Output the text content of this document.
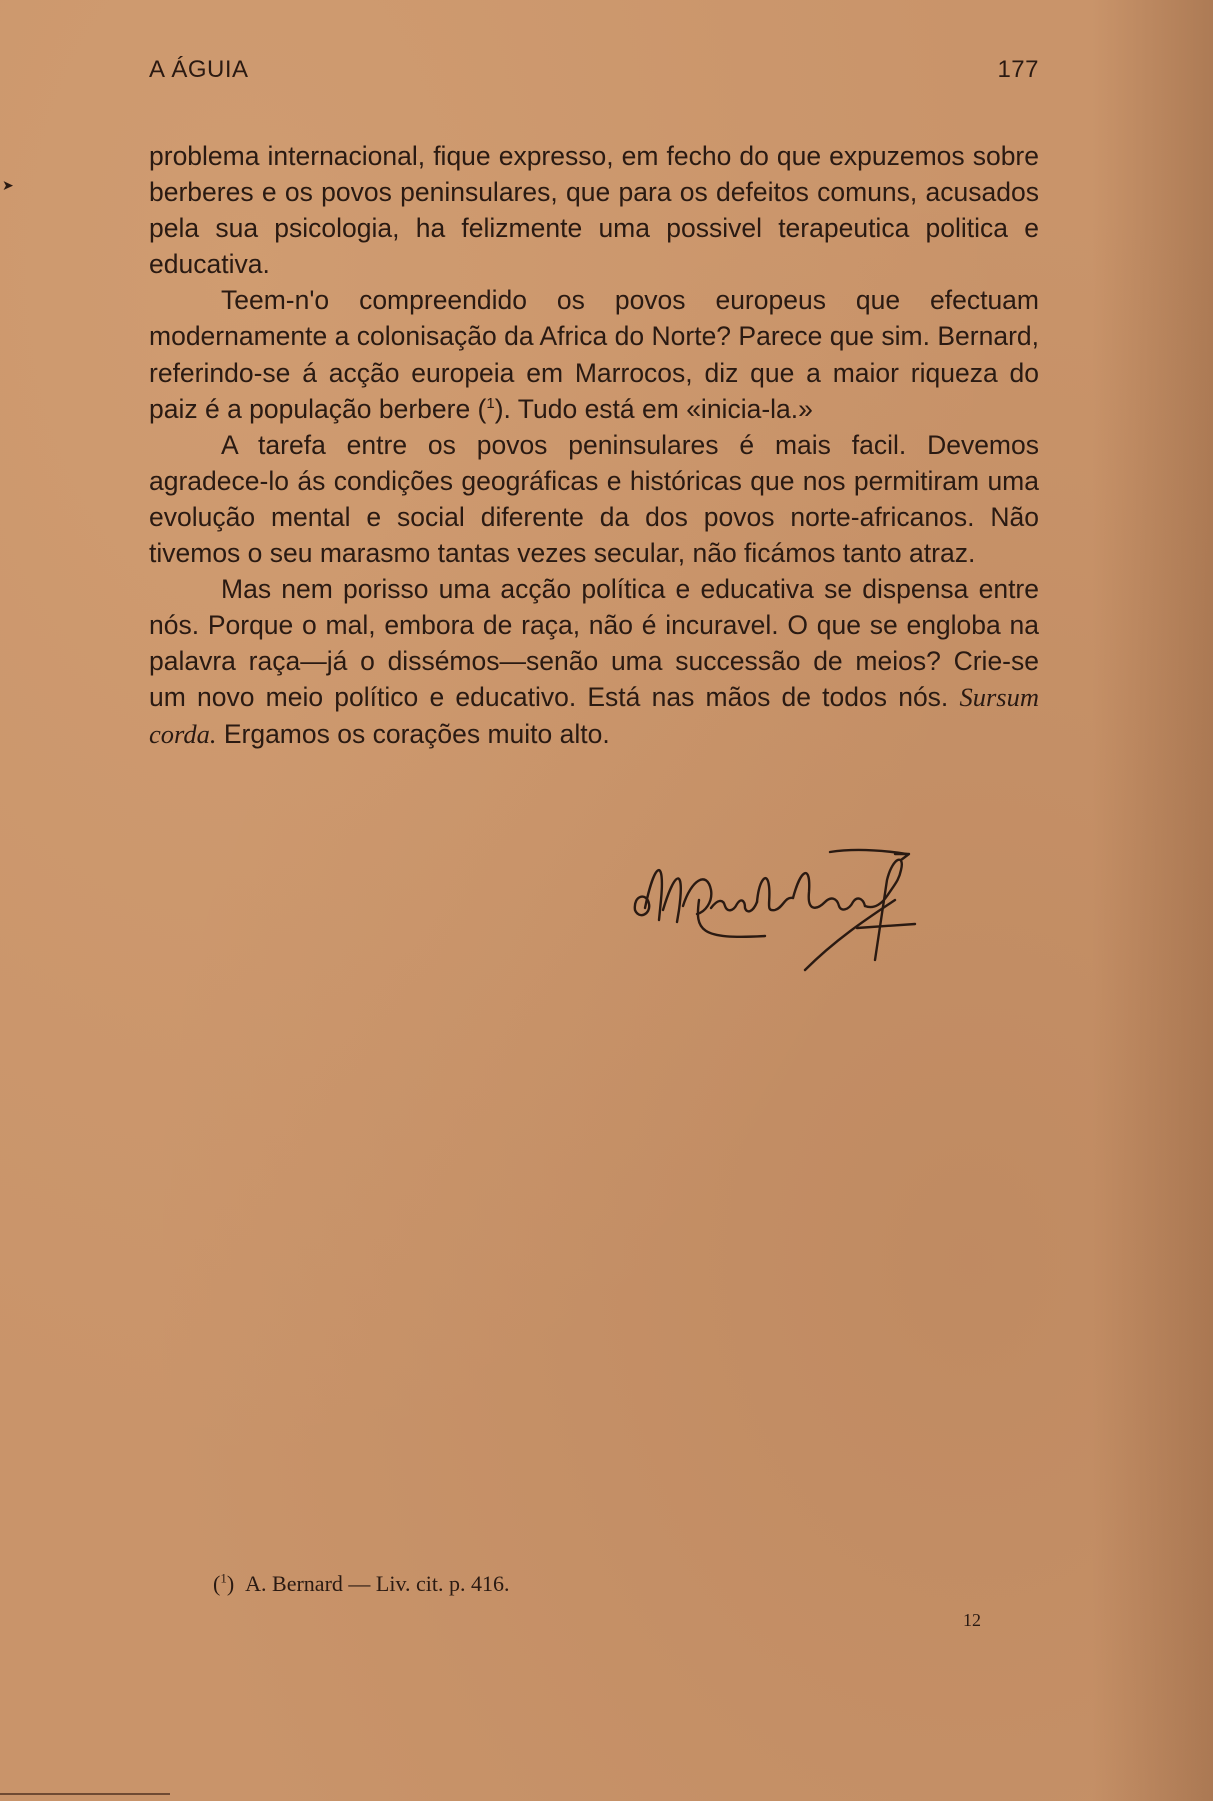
➤
A ÁGUIA	177

problema internacional, fique expresso, em fecho do que expuzemos sobre berberes e os povos peninsulares, que para os defeitos comuns, acusados pela sua psicologia, ha felizmente uma possivel terapeutica politica e educativa.

Teem-n'o compreendido os povos europeus que efectuam modernamente a colonisação da Africa do Norte? Parece que sim. Bernard, referindo-se á acção europeia em Marrocos, diz que a maior riqueza do paiz é a população berbere ($^1$). Tudo está em «inicia-la.»

A tarefa entre os povos peninsulares é mais facil. Devemos agradece-lo ás condições geográficas e históricas que nos permitiram uma evolução mental e social diferente da dos povos norte-africanos. Não tivemos o seu marasmo tantas vezes secular, não ficámos tanto atraz.

Mas nem porisso uma acção política e educativa se dispensa entre nós. Porque o mal, embora de raça, não é incuravel. O que se engloba na palavra raça—já o dissémos—senão uma successão de meios? Crie-se um novo meio político e educativo. Está nas mãos de todos nós. Sursum corda. Ergamos os corações muito alto.

($^1$) A. Bernard — Liv. cit. p. 416.
12
